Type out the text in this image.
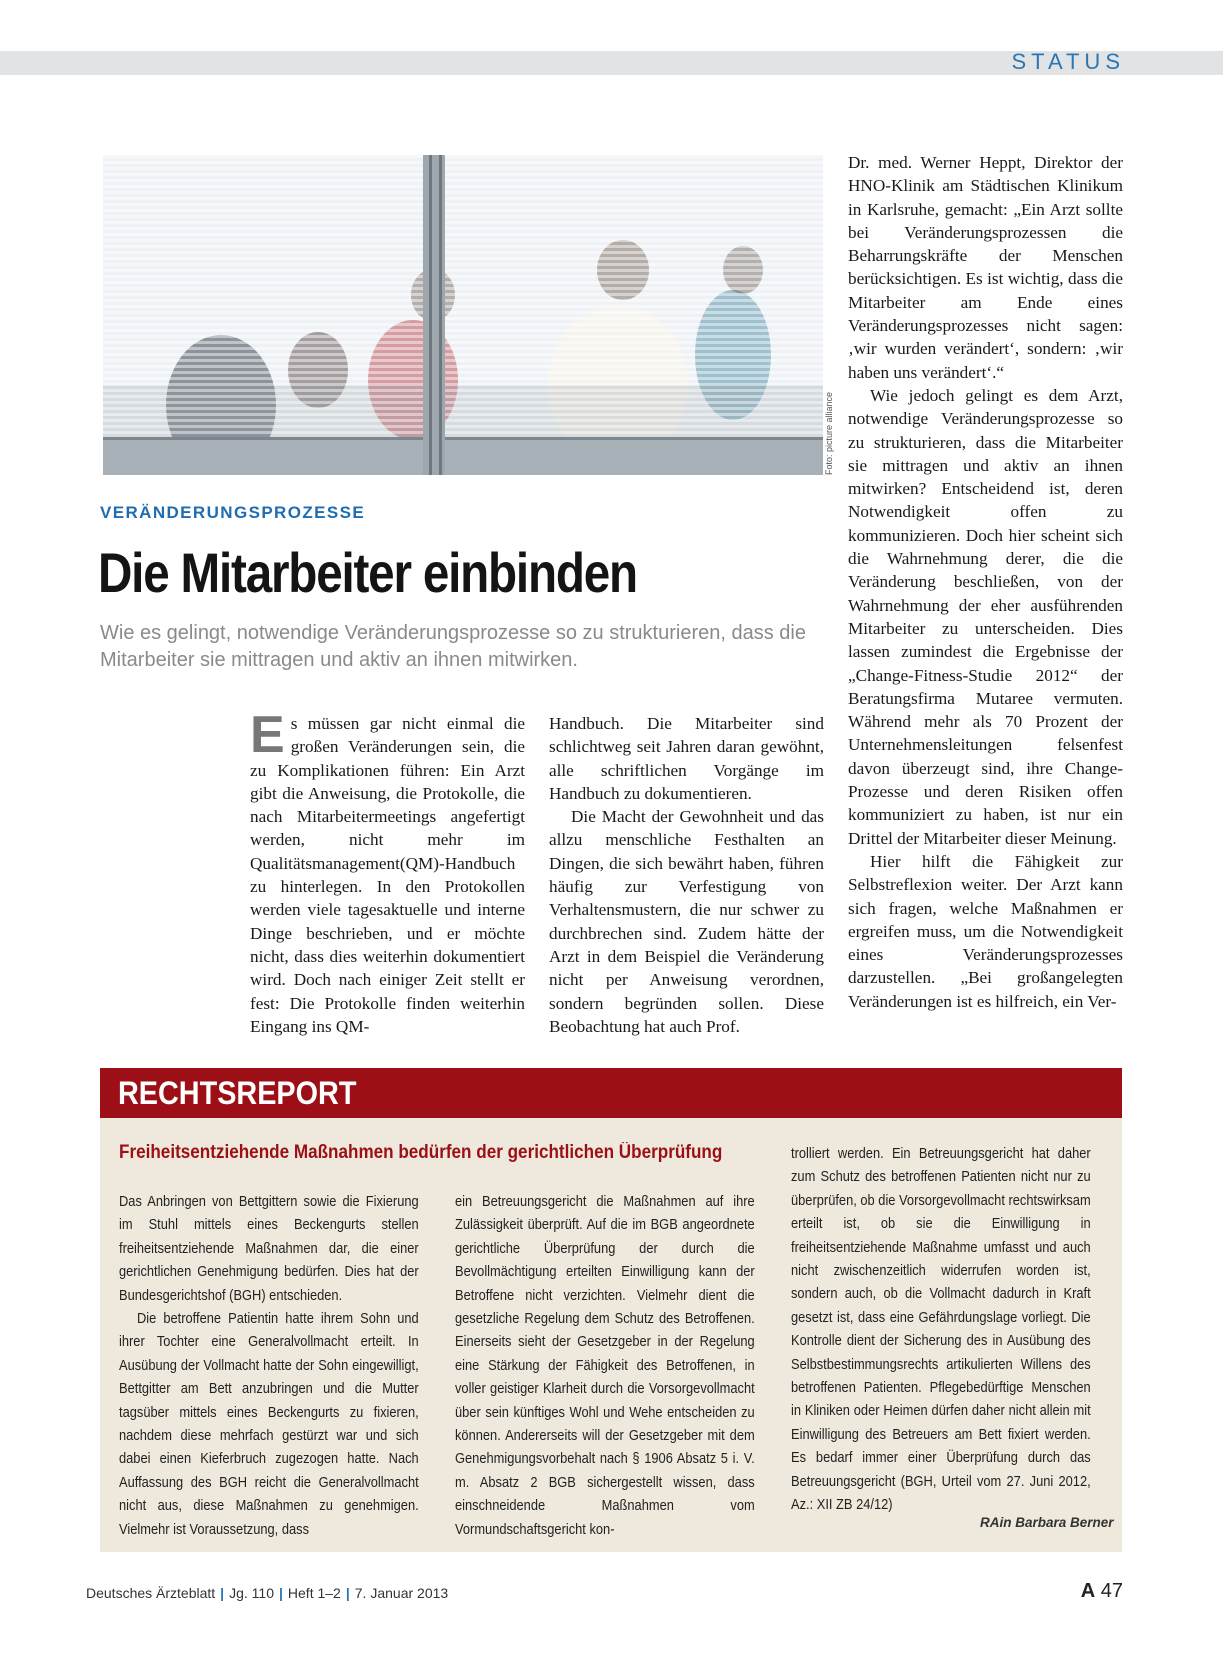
STATUS
Foto: picture alliance
VERÄNDERUNGSPROZESSE
Die Mitarbeiter einbinden
Wie es gelingt, notwendige Veränderungsprozesse so zu strukturieren, dass die Mitarbeiter sie mittragen und aktiv an ihnen mitwirken.

Es müssen gar nicht einmal die großen Veränderungen sein, die zu Komplikationen führen: Ein Arzt gibt die Anweisung, die Protokolle, die nach Mitarbeitermeetings angefertigt werden, nicht mehr im Qualitätsmanagement(QM)-Handbuch zu hinterlegen. In den Protokollen werden viele tagesaktuelle und interne Dinge beschrieben, und er möchte nicht, dass dies weiterhin dokumentiert wird. Doch nach einiger Zeit stellt er fest: Die Protokolle finden weiterhin Eingang ins QM-

Handbuch. Die Mitarbeiter sind schlichtweg seit Jahren daran gewöhnt, alle schriftlichen Vorgänge im Handbuch zu dokumentieren.

Die Macht der Gewohnheit und das allzu menschliche Festhalten an Dingen, die sich bewährt haben, führen häufig zur Verfestigung von Verhaltensmustern, die nur schwer zu durchbrechen sind. Zudem hätte der Arzt in dem Beispiel die Veränderung nicht per Anweisung verordnen, sondern begründen sollen. Diese Beobachtung hat auch Prof.

Dr. med. Werner Heppt, Direktor der HNO-Klinik am Städtischen Klinikum in Karlsruhe, gemacht: „Ein Arzt sollte bei Veränderungsprozessen die Beharrungskräfte der Menschen berücksichtigen. Es ist wichtig, dass die Mitarbeiter am Ende eines Veränderungsprozesses nicht sagen: ‚wir wurden verändert‘, sondern: ‚wir haben uns verändert‘.“

Wie jedoch gelingt es dem Arzt, notwendige Veränderungsprozesse so zu strukturieren, dass die Mitarbeiter sie mittragen und aktiv an ihnen mitwirken? Entscheidend ist, deren Notwendigkeit offen zu kommunizieren. Doch hier scheint sich die Wahrnehmung derer, die die Veränderung beschließen, von der Wahrnehmung der eher ausführenden Mitarbeiter zu unterscheiden. Dies lassen zumindest die Ergebnisse der „Change-Fitness-Studie 2012“ der Beratungsfirma Mutaree vermuten. Während mehr als 70 Prozent der Unternehmensleitungen felsenfest davon überzeugt sind, ihre Change-Prozesse und deren Risiken offen kommuniziert zu haben, ist nur ein Drittel der Mitarbeiter dieser Meinung.

Hier hilft die Fähigkeit zur Selbstreflexion weiter. Der Arzt kann sich fragen, welche Maßnahmen er ergreifen muss, um die Notwendigkeit eines Veränderungsprozesses darzustellen. „Bei großangelegten Veränderungen ist es hilfreich, ein Ver-

RECHTSREPORT
Freiheitsentziehende Maßnahmen bedürfen der gerichtlichen Überprüfung

Das Anbringen von Bettgittern sowie die Fixierung im Stuhl mittels eines Beckengurts stellen freiheitsentziehende Maßnahmen dar, die einer gerichtlichen Genehmigung bedürfen. Dies hat der Bundesgerichtshof (BGH) entschieden.

Die betroffene Patientin hatte ihrem Sohn und ihrer Tochter eine Generalvollmacht erteilt. In Ausübung der Vollmacht hatte der Sohn eingewilligt, Bettgitter am Bett anzubringen und die Mutter tagsüber mittels eines Beckengurts zu fixieren, nachdem diese mehrfach gestürzt war und sich dabei einen Kieferbruch zugezogen hatte. Nach Auffassung des BGH reicht die Generalvollmacht nicht aus, diese Maßnahmen zu genehmigen. Vielmehr ist Voraussetzung, dass

ein Betreuungsgericht die Maßnahmen auf ihre Zulässigkeit überprüft. Auf die im BGB angeordnete gerichtliche Überprüfung der durch die Bevollmächtigung erteilten Einwilligung kann der Betroffene nicht verzichten. Vielmehr dient die gesetzliche Regelung dem Schutz des Betroffenen. Einerseits sieht der Gesetzgeber in der Regelung eine Stärkung der Fähigkeit des Betroffenen, in voller geistiger Klarheit durch die Vorsorgevollmacht über sein künftiges Wohl und Wehe entscheiden zu können. Andererseits will der Gesetzgeber mit dem Genehmigungsvorbehalt nach § 1906 Absatz 5 i. V. m. Absatz 2 BGB sichergestellt wissen, dass einschneidende Maßnahmen vom Vormundschaftsgericht kon-

trolliert werden. Ein Betreuungsgericht hat daher zum Schutz des betroffenen Patienten nicht nur zu überprüfen, ob die Vorsorgevollmacht rechtswirksam erteilt ist, ob sie die Einwilligung in freiheitsentziehende Maßnahme umfasst und auch nicht zwischenzeitlich widerrufen worden ist, sondern auch, ob die Vollmacht dadurch in Kraft gesetzt ist, dass eine Gefährdungslage vorliegt. Die Kontrolle dient der Sicherung des in Ausübung des Selbstbestimmungsrechts artikulierten Willens des betroffenen Patienten. Pflegebedürftige Menschen in Kliniken oder Heimen dürfen daher nicht allein mit Einwilligung des Betreuers am Bett fixiert werden. Es bedarf immer einer Überprüfung durch das Betreuungsgericht (BGH, Urteil vom 27. Juni 2012, Az.: XII ZB 24/12)

RAin Barbara Berner
Deutsches Ärzteblatt | Jg. 110 | Heft 1–2 | 7. Januar 2013	A 47
